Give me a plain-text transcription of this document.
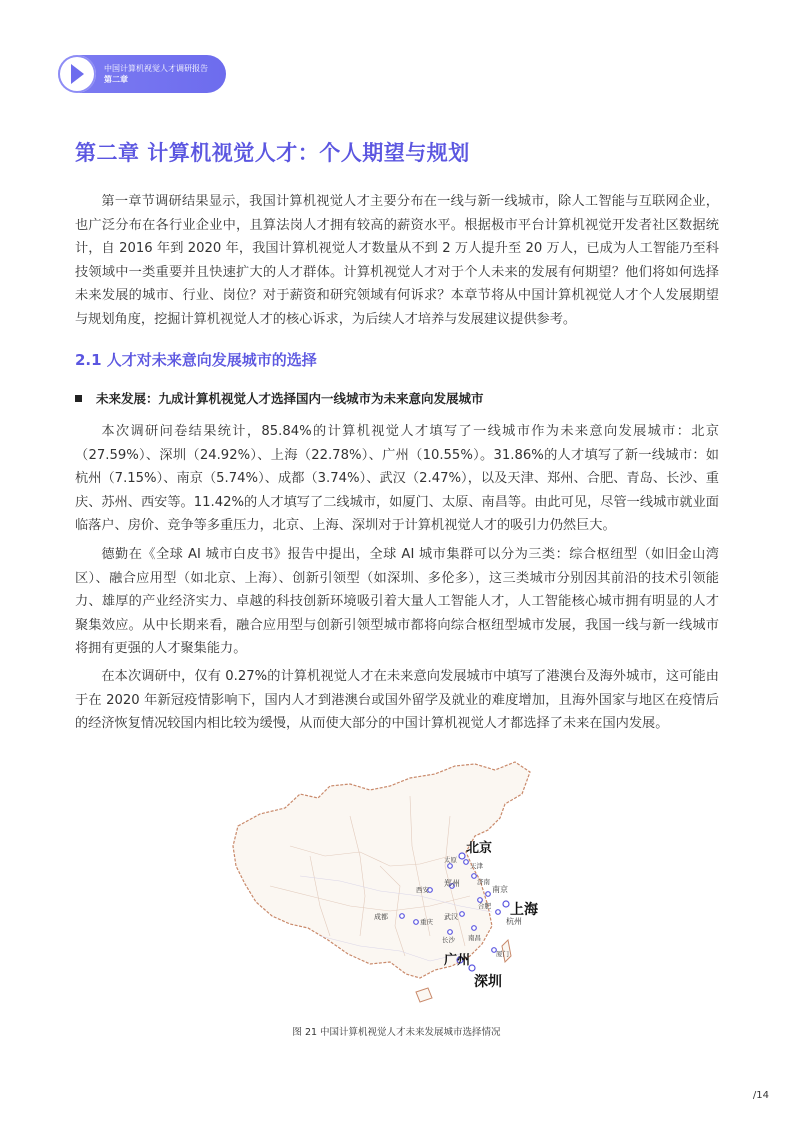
中国计算机视觉人才调研报告
第二章
第二章 计算机视觉人才：个人期望与规划
第一章节调研结果显示，我国计算机视觉人才主要分布在一线与新一线城市，除人工智能与互联网企业，也广泛分布在各行业企业中，且算法岗人才拥有较高的薪资水平。根据极市平台计算机视觉开发者社区数据统计，自 2016 年到 2020 年，我国计算机视觉人才数量从不到 2 万人提升至 20 万人，已成为人工智能乃至科技领域中一类重要并且快速扩大的人才群体。计算机视觉人才对于个人未来的发展有何期望？他们将如何选择未来发展的城市、行业、岗位？对于薪资和研究领域有何诉求？本章节将从中国计算机视觉人才个人发展期望与规划角度，挖掘计算机视觉人才的核心诉求，为后续人才培养与发展建议提供参考。
2.1 人才对未来意向发展城市的选择
未来发展：九成计算机视觉人才选择国内一线城市为未来意向发展城市
本次调研问卷结果统计，85.84%的计算机视觉人才填写了一线城市作为未来意向发展城市：北京（27.59%）、深圳（24.92%）、上海（22.78%）、广州（10.55%）。31.86%的人才填写了新一线城市：如杭州（7.15%）、南京（5.74%）、成都（3.74%）、武汉（2.47%），以及天津、郑州、合肥、青岛、长沙、重庆、苏州、西安等。11.42%的人才填写了二线城市，如厦门、太原、南昌等。由此可见，尽管一线城市就业面临落户、房价、竞争等多重压力，北京、上海、深圳对于计算机视觉人才的吸引力仍然巨大。
德勤在《全球 AI 城市白皮书》报告中提出，全球 AI 城市集群可以分为三类：综合枢纽型（如旧金山湾区）、融合应用型（如北京、上海）、创新引领型（如深圳、多伦多），这三类城市分别因其前沿的技术引领能力、雄厚的产业经济实力、卓越的科技创新环境吸引着大量人工智能人才，人工智能核心城市拥有明显的人才聚集效应。从中长期来看，融合应用型与创新引领型城市都将向综合枢纽型城市发展，我国一线与新一线城市将拥有更强的人才聚集能力。
在本次调研中，仅有 0.27%的计算机视觉人才在未来意向发展城市中填写了港澳台及海外城市，这可能由于在 2020 年新冠疫情影响下，国内人才到港澳台或国外留学及就业的难度增加，且海外国家与地区在疫情后的经济恢复情况较国内相比较为缓慢，从而使大部分的中国计算机视觉人才都选择了未来在国内发展。
太原
天津
郑州	济南
西安	南京
合肥
成都	武汉
重庆	杭州
长沙 南昌
厦门
北京
上海
广州
深圳
图 21 中国计算机视觉人才未来发展城市选择情况
/14
